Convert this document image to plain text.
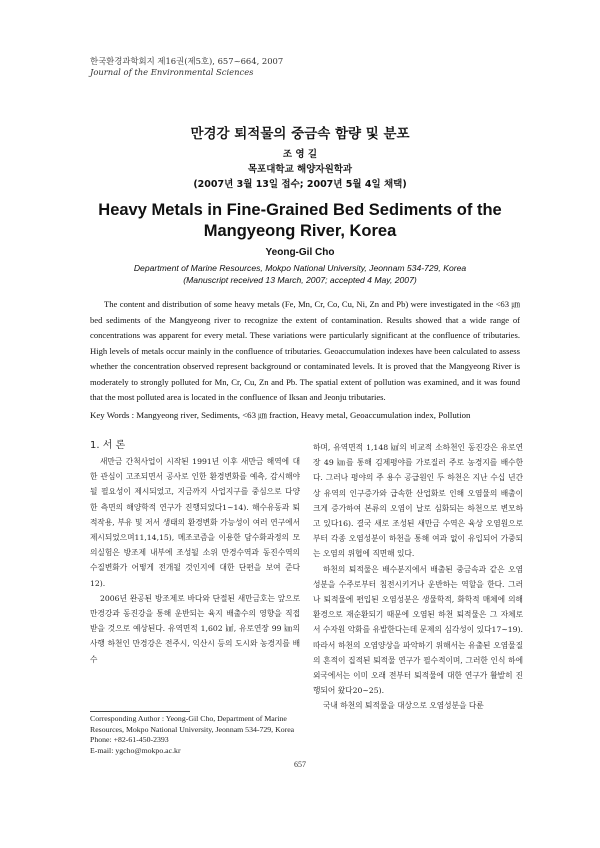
한국환경과학회지 제16권(제5호), 657~664, 2007
Journal of the Environmental Sciences
만경강 퇴적물의 중금속 함량 및 분포
조 영 길
목포대학교 해양자원학과
(2007년 3월 13일 접수; 2007년 5월 4일 채택)
Heavy Metals in Fine-Grained Bed Sediments of the
Mangyeong River, Korea
Yeong-Gil Cho
Department of Marine Resources, Mokpo National University, Jeonnam 534-729, Korea
(Manuscript received 13 March, 2007; accepted 4 May, 2007)
The content and distribution of some heavy metals (Fe, Mn, Cr, Co, Cu, Ni, Zn and Pb) were investigated in the <63 ㎛ bed sediments of the Mangyeong river to recognize the extent of contamination. Results showed that a wide range of concentrations was apparent for every metal. These variations were particularly significant at the confluence of tributaries. High levels of metals occur mainly in the confluence of tributaries. Geoaccumulation indexes have been calculated to assess whether the concentration observed represent background or contaminated levels. It is proved that the Mangyeong River is moderately to strongly polluted for Mn, Cr, Cu, Zn and Pb. The spatial extent of pollution was examined, and it was found that the most polluted area is located in the confluence of Iksan and Jeonju tributaries.
Key Words : Mangyeong river, Sediments, <63 ㎛ fraction, Heavy metal, Geoaccumulation index, Pollution
1. 서 론

새만금 간척사업이 시작된 1991년 이후 새만금 해역에 대한 관심이 고조되면서 공사로 인한 환경변화를 예측, 감시해야 될 필요성이 제시되었고, 지금까지 사업지구를 중심으로 다양한 측면의 해양학적 연구가 진행되었다1~14). 해수유동과 퇴적작용, 부유 및 저서 생태의 환경변화 가능성이 여러 연구에서 제시되었으며11,14,15), 메조코즘을 이용한 담수화과정의 모의실험은 방조제 내부에 조성될 소위 만경수역과 동진수역의 수질변화가 어떻게 전개될 것인지에 대한 단편을 보여 준다12).

2006년 완공된 방조제로 바다와 단절된 새만금호는 앞으로 만경강과 동진강을 통해 운반되는 육지 배출수의 영향을 직접 받을 것으로 예상된다. 유역면적 1,602 ㎢, 유로연장 99 ㎞의 사행 하천인 만경강은 전주시, 익산시 등의 도시와 농경지를 배수

하며, 유역면적 1,148 ㎢의 비교적 소하천인 동진강은 유로연장 49 ㎞를 통해 김제평야를 가로질러 주로 농경지를 배수한다. 그러나 평야의 주 용수 공급원인 두 하천은 지난 수십 년간 상 유역의 인구증가와 급속한 산업화로 인해 오염물의 배출이 크게 증가하여 본류의 오염이 날로 심화되는 하천으로 변모하고 있다16). 결국 새로 조성된 새만금 수역은 육상 오염원으로부터 각종 오염성분이 하천을 통해 여과 없이 유입되어 가중되는 오염의 위협에 직면해 있다.

하천의 퇴적물은 배수분지에서 배출된 중금속과 같은 오염성분을 수주로부터 침전시키거나 운반하는 역할을 한다. 그러나 퇴적물에 편입된 오염성분은 생물학적, 화학적 매체에 의해 환경으로 재순환되기 때문에 오염된 하천 퇴적물은 그 자체로서 수자원 악화를 유발한다는데 문제의 심각성이 있다17~19). 따라서 하천의 오염양상을 파악하기 위해서는 유출된 오염물질의 흔적이 집적된 퇴적물 연구가 필수적이며, 그러한 인식 하에 외국에서는 이미 오래 전부터 퇴적물에 대한 연구가 활발히 진행되어 왔다20~25).

국내 하천의 퇴적물을 대상으로 오염성분을 다룬

Corresponding Author : Yeong-Gil Cho, Department of Marine Resources, Mokpo National University, Jeonnam 534-729, Korea
Phone: +82-61-450-2393
E-mail: ygcho@mokpo.ac.kr
657
